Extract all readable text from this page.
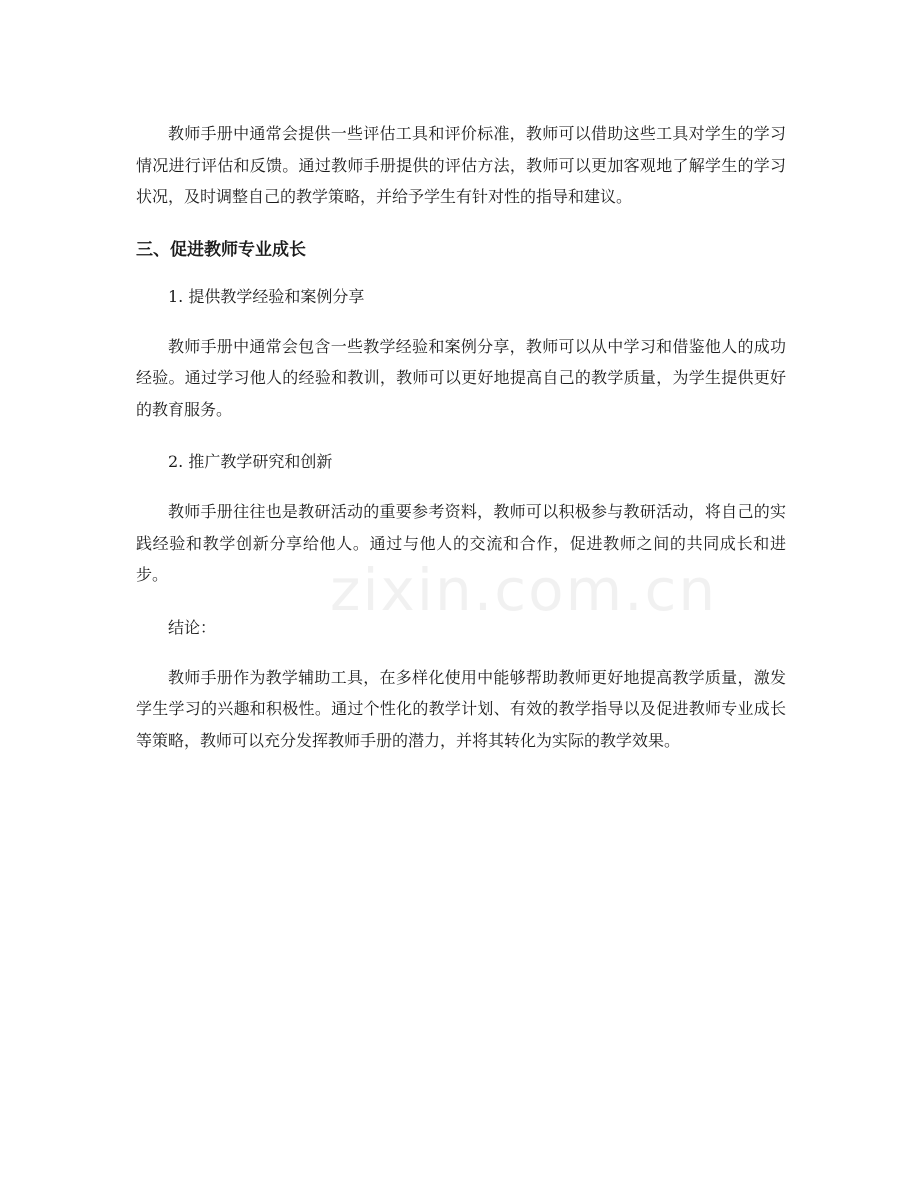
教师手册中通常会提供一些评估工具和评价标准，教师可以借助这些工具对学生的学习情况进行评估和反馈。通过教师手册提供的评估方法，教师可以更加客观地了解学生的学习状况，及时调整自己的教学策略，并给予学生有针对性的指导和建议。

三、促进教师专业成长
1. 提供教学经验和案例分享

教师手册中通常会包含一些教学经验和案例分享，教师可以从中学习和借鉴他人的成功经验。通过学习他人的经验和教训，教师可以更好地提高自己的教学质量，为学生提供更好的教育服务。

2. 推广教学研究和创新

教师手册往往也是教研活动的重要参考资料，教师可以积极参与教研活动，将自己的实践经验和教学创新分享给他人。通过与他人的交流和合作，促进教师之间的共同成长和进步。

结论：

教师手册作为教学辅助工具，在多样化使用中能够帮助教师更好地提高教学质量，激发学生学习的兴趣和积极性。通过个性化的教学计划、有效的教学指导以及促进教师专业成长等策略，教师可以充分发挥教师手册的潜力，并将其转化为实际的教学效果。

zixin.com.cn
